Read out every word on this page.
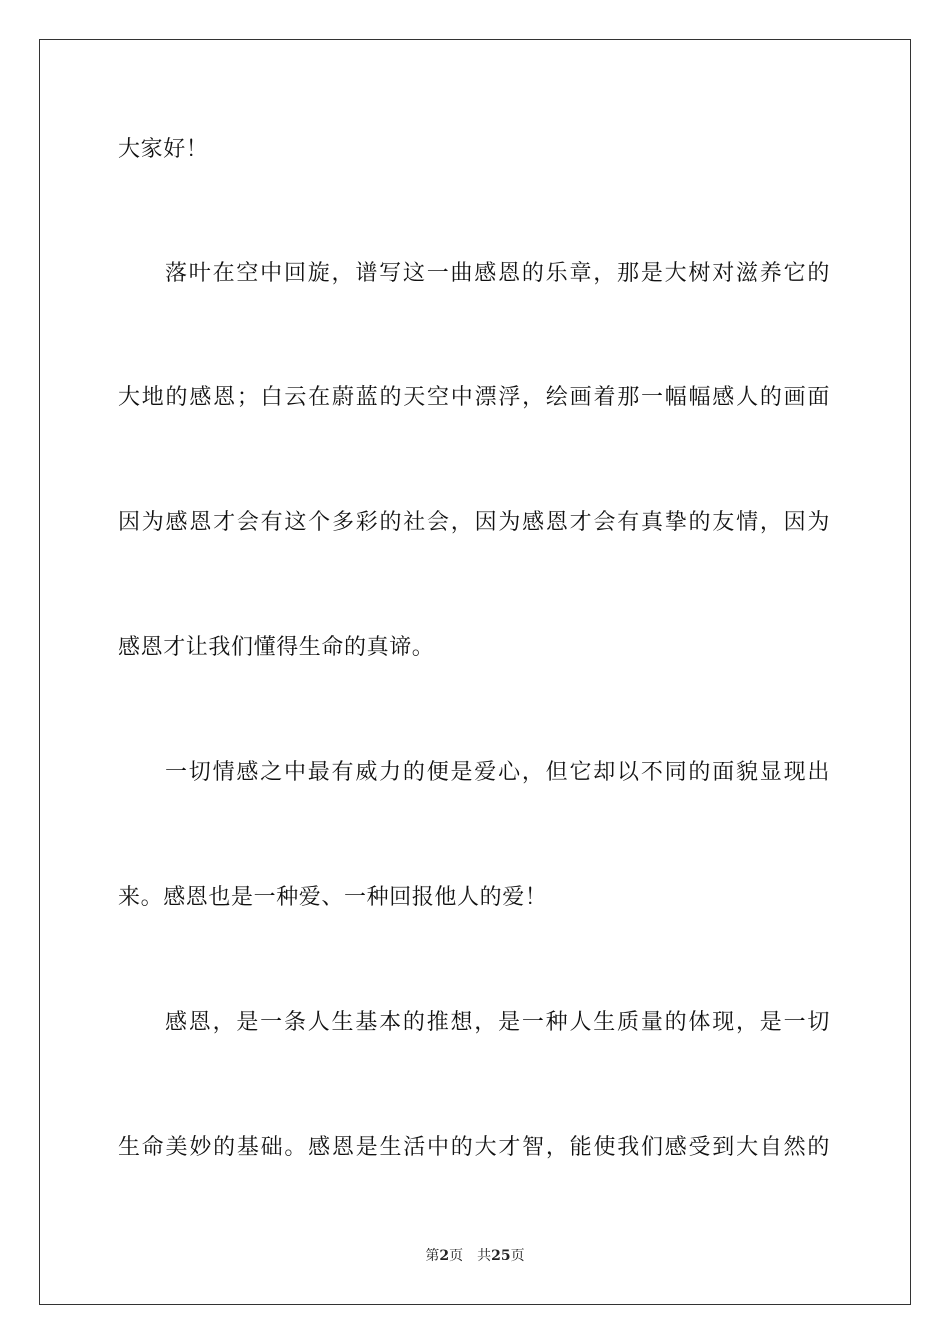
大家好！
落叶在空中回旋，谱写这一曲感恩的乐章，那是大树对滋养它的
大地的感恩；白云在蔚蓝的天空中漂浮，绘画着那一幅幅感人的画面
因为感恩才会有这个多彩的社会，因为感恩才会有真挚的友情，因为
感恩才让我们懂得生命的真谛。
一切情感之中最有威力的便是爱心，但它却以不同的面貌显现出
来。感恩也是一种爱、一种回报他人的爱！
感恩，是一条人生基本的推想，是一种人生质量的体现，是一切
生命美妙的基础。感恩是生活中的大才智，能使我们感受到大自然的
第2页 共25页
